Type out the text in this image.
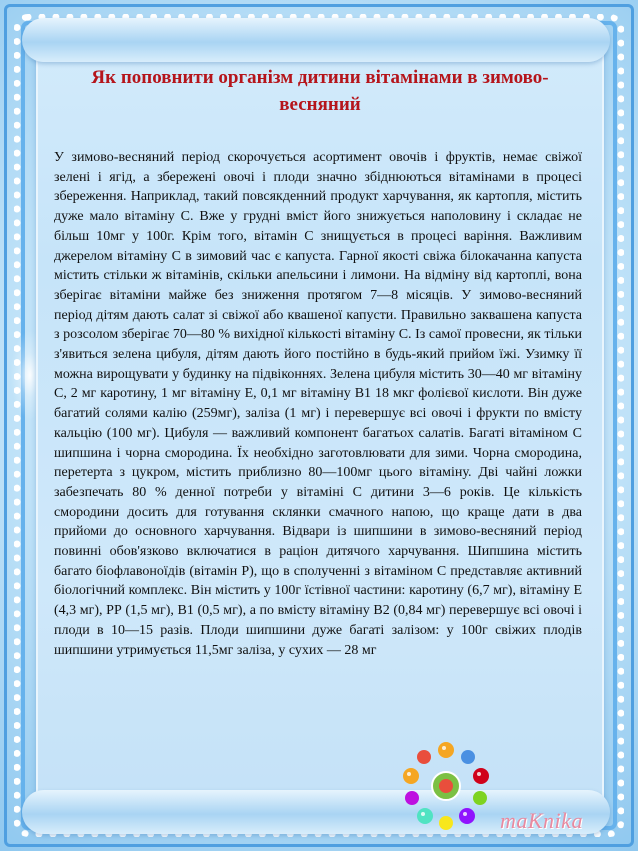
Як поповнити організм дитини вітамінами в зимово-весняний

У зимово-весняний період скорочується асортимент овочів і фруктів, немає свіжої зелені і ягід, а збережені овочі і плоди значно збіднюються вітамінами в процесі збереження. Наприклад, такий повсякденний продукт харчування, як картопля, містить дуже мало вітаміну С. Вже у грудні вміст його знижується наполовину і складає не більш 10мг у 100г. Крім того, вітамін С знищується в процесі варіння. Важливим джерелом вітаміну С в зимовий час є капуста. Гарної якості свіжа білокачанна капуста містить стільки ж вітамінів, скільки апельсини і лимони. На відміну від картоплі, вона зберігає вітаміни майже без зниження протягом 7—8 місяців. У зимово-весняний період дітям дають салат зі свіжої або квашеної капусти. Правильно заквашена капуста з розсолом зберігає 70—80 % вихідної кількості вітаміну С. Із самої провесни, як тільки з'явиться зелена цибуля, дітям дають його постійно в будь-який прийом їжі. Узимку її можна вирощувати у будинку на підвіконнях. Зелена цибуля містить 30—40 мг вітаміну С, 2 мг каротину, 1 мг вітаміну Е, 0,1 мг вітаміну В1 18 мкг фолієвої кислоти. Він дуже багатий солями калію (259мг), заліза (1 мг) і перевершує всі овочі і фрукти по вмісту кальцію (100 мг). Цибуля — важливий компонент багатьох салатів. Багаті вітаміном С шипшина і чорна смородина. Їх необхідно заготовлювати для зими. Чорна смородина, перетерта з цукром, містить приблизно 80—100мг цього вітаміну. Дві чайні ложки забезпечать 80 % денної потреби у вітаміні С дитини 3—6 років. Це кількість смородини досить для готування склянки смачного напою, що краще дати в два прийоми до основного харчування. Відвари із шипшини в зимово-весняний період повинні обов'язково включатися в раціон дитячого харчування. Шипшина містить багато біофлавоноїдів (вітамін Р), що в сполученні з вітаміном С представляє активний біологічний комплекс. Він містить у 100г їстівної частини: каротину (6,7 мг), вітаміну Е (4,3 мг), РР (1,5 мг), В1 (0,5 мг), а по вмісту вітаміну В2 (0,84 мг) перевершує всі овочі і плоди в 10—15 разів. Плоди шипшини дуже багаті залізом: у 100г свіжих плодів шипшини утримується 11,5мг заліза, у сухих — 28 мг

maKnika
